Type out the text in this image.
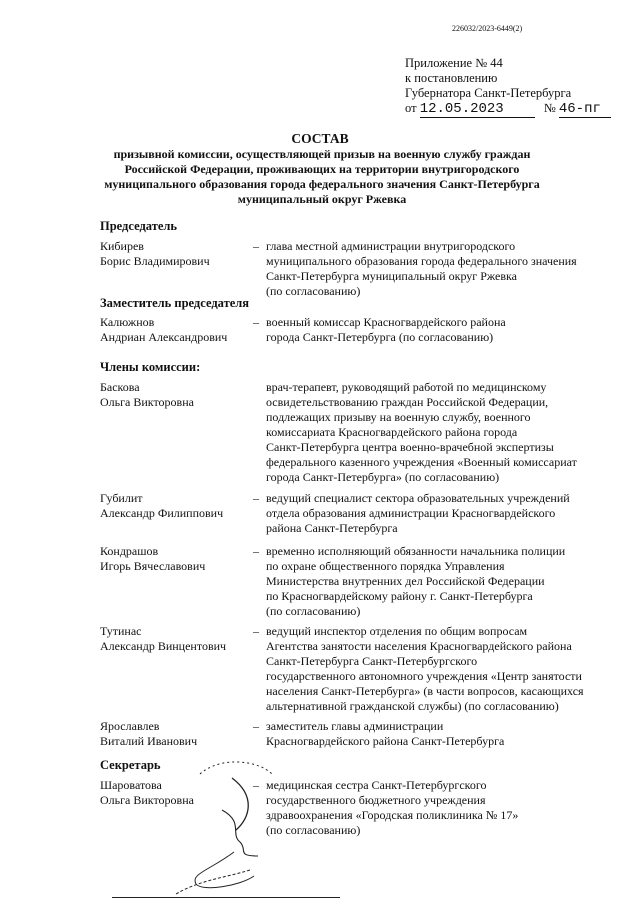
226032/2023-6449(2)
Приложение № 44
к постановлению
Губернатора Санкт-Петербурга
от 12.05.2023	№ 46-пг
СОСТАВ
призывной комиссии, осуществляющей призыв на военную службу граждан Российской Федерации, проживающих на территории внутригородского муниципального образования города федерального значения Санкт-Петербурга муниципальный округ Ржевка
Председатель
Кибирев
Борис Владимирович
– глава местной администрации внутригородского
муниципального образования города федерального значения
Санкт-Петербурга муниципальный округ Ржевка
(по согласованию)
Заместитель председателя
Калюжнов
Андриан Александрович
– военный комиссар Красногвардейского района
города Санкт-Петербурга (по согласованию)
Члены комиссии:
Баскова
Ольга Викторовна
врач-терапевт, руководящий работой по медицинскому
освидетельствованию граждан Российской Федерации,
подлежащих призыву на военную службу, военного
комиссариата Красногвардейского района города
Санкт-Петербурга центра военно-врачебной экспертизы
федерального казенного учреждения «Военный комиссариат
города Санкт-Петербурга» (по согласованию)
Губилит
Александр Филиппович
– ведущий специалист сектора образовательных учреждений
отдела образования администрации Красногвардейского
района Санкт-Петербурга
Кондрашов
Игорь Вячеславович
– временно исполняющий обязанности начальника полиции
по охране общественного порядка Управления
Министерства внутренних дел Российской Федерации
по Красногвардейскому району г. Санкт-Петербурга
(по согласованию)
Тутинас
Александр Винцентович
– ведущий инспектор отделения по общим вопросам
Агентства занятости населения Красногвардейского района
Санкт-Петербурга Санкт-Петербургского
государственного автономного учреждения «Центр занятости
населения Санкт-Петербурга» (в части вопросов, касающихся
альтернативной гражданской службы) (по согласованию)
Ярославлев
Виталий Иванович
– заместитель главы администрации
Красногвардейского района Санкт-Петербурга
Секретарь
Шароватова
Ольга Викторовна
– медицинская сестра Санкт-Петербургского
государственного бюджетного учреждения
здравоохранения «Городская поликлиника № 17»
(по согласованию)
